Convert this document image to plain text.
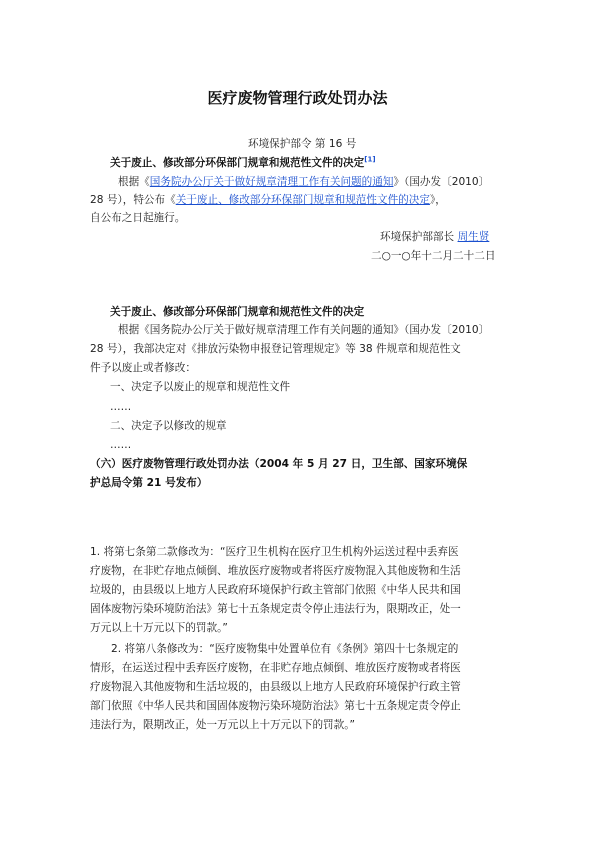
医疗废物管理行政处罚办法
环境保护部令 第 16 号
关于废止、修改部分环保部门规章和规范性文件的决定[1]
根据《国务院办公厅关于做好规章清理工作有关问题的通知》（国办发〔2010〕
28 号），特公布《关于废止、修改部分环保部门规章和规范性文件的决定》，
自公布之日起施行。
环境保护部部长 周生贤
二○一○年十二月二十二日
关于废止、修改部分环保部门规章和规范性文件的决定
根据《国务院办公厅关于做好规章清理工作有关问题的通知》（国办发〔2010〕
28 号），我部决定对《排放污染物申报登记管理规定》等 38 件规章和规范性文
件予以废止或者修改：
一、决定予以废止的规章和规范性文件
……
二、决定予以修改的规章
……
（六）医疗废物管理行政处罚办法（2004 年 5 月 27 日，卫生部、国家环境保
护总局令第 21 号发布）
1. 将第七条第二款修改为：“医疗卫生机构在医疗卫生机构外运送过程中丢弃医
疗废物，在非贮存地点倾倒、堆放医疗废物或者将医疗废物混入其他废物和生活
垃圾的，由县级以上地方人民政府环境保护行政主管部门依照《中华人民共和国
固体废物污染环境防治法》第七十五条规定责令停止违法行为，限期改正，处一
万元以上十万元以下的罚款。”
2. 将第八条修改为：“医疗废物集中处置单位有《条例》第四十七条规定的
情形，在运送过程中丢弃医疗废物，在非贮存地点倾倒、堆放医疗废物或者将医
疗废物混入其他废物和生活垃圾的，由县级以上地方人民政府环境保护行政主管
部门依照《中华人民共和国固体废物污染环境防治法》第七十五条规定责令停止
违法行为，限期改正，处一万元以上十万元以下的罚款。”
